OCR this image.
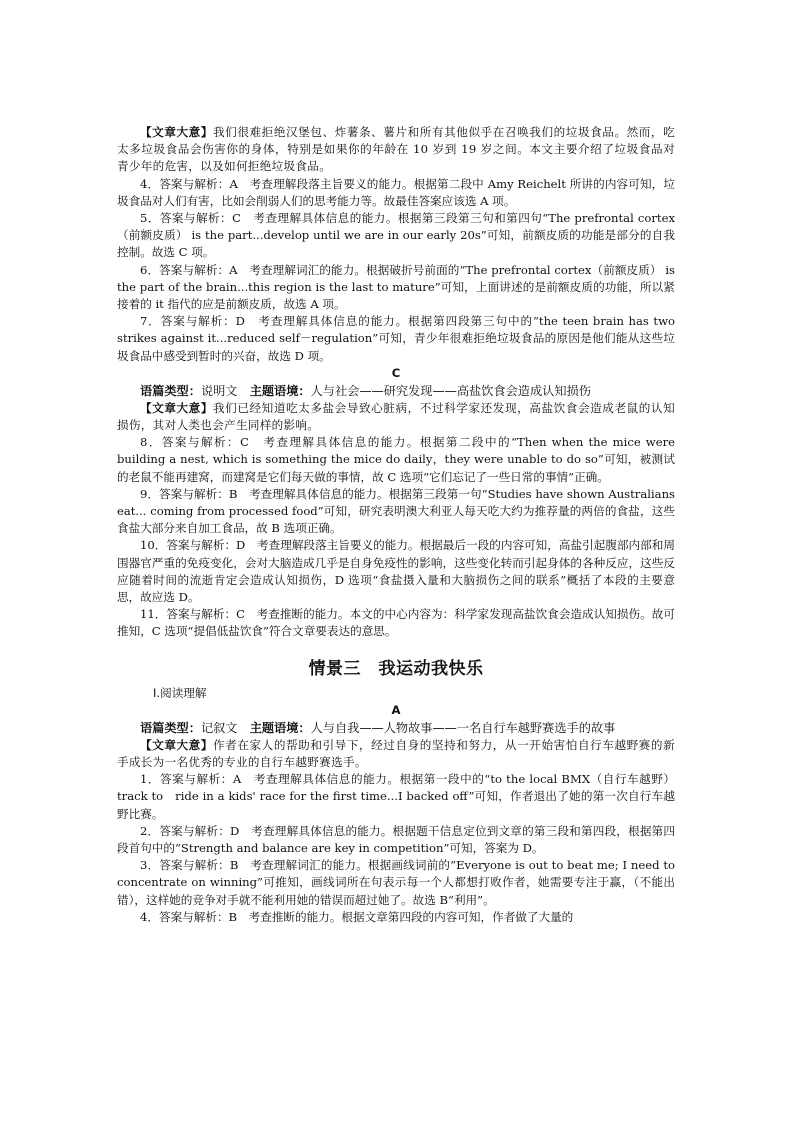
【文章大意】我们很难拒绝汉堡包、炸薯条、薯片和所有其他似乎在召唤我们的垃圾食品。然而，吃太多垃圾食品会伤害你的身体，特别是如果你的年龄在 10 岁到 19 岁之间。本文主要介绍了垃圾食品对青少年的危害，以及如何拒绝垃圾食品。

4．答案与解析：A　考查理解段落主旨要义的能力。根据第二段中 Amy Reichelt 所讲的内容可知，垃圾食品对人们有害，比如会削弱人们的思考能力等。故最佳答案应该选 A 项。

5．答案与解析：C　考查理解具体信息的能力。根据第三段第三句和第四句“The prefrontal cortex（前额皮质） is the part...develop until we are in our early 20s”可知，前额皮质的功能是部分的自我控制。故选 C 项。

6．答案与解析：A　考查理解词汇的能力。根据破折号前面的“The prefrontal cortex（前额皮质） is the part of the brain...this region is the last to mature”可知，上面讲述的是前额皮质的功能，所以紧接着的 it 指代的应是前额皮质，故选 A 项。

7．答案与解析：D　考查理解具体信息的能力。根据第四段第三句中的“the teen brain has two strikes against it...reduced self－regulation”可知，青少年很难拒绝垃圾食品的原因是他们能从这些垃圾食品中感受到暂时的兴奋，故选 D 项。

C

语篇类型：说明文　 主题语境：人与社会——研究发现——高盐饮食会造成认知损伤

【文章大意】我们已经知道吃太多盐会导致心脏病，不过科学家还发现，高盐饮食会造成老鼠的认知损伤，其对人类也会产生同样的影响。

8．答案与解析：C　考查理解具体信息的能力。根据第二段中的“Then when the mice were building a nest, which is something the mice do daily，they were unable to do so”可知，被测试的老鼠不能再建窝，而建窝是它们每天做的事情，故 C 选项“它们忘记了一些日常的事情”正确。

9．答案与解析：B　考查理解具体信息的能力。根据第三段第一句“Studies have shown Australians eat... coming from processed food”可知，研究表明澳大利亚人每天吃大约为推荐量的两倍的食盐，这些食盐大部分来自加工食品，故 B 选项正确。

10．答案与解析：D　考查理解段落主旨要义的能力。根据最后一段的内容可知，高盐引起腹部内部和周围器官严重的免疫变化，会对大脑造成几乎是自身免疫性的影响，这些变化转而引起身体的各种反应，这些反应随着时间的流逝肯定会造成认知损伤，D 选项“食盐摄入量和大脑损伤之间的联系”概括了本段的主要意思，故应选 D。

11．答案与解析：C　考查推断的能力。本文的中心内容为：科学家发现高盐饮食会造成认知损伤。故可推知，C 选项“提倡低盐饮食”符合文章要表达的意思。

情景三　我运动我快乐
Ⅰ.阅读理解
A

语篇类型：记叙文　 主题语境：人与自我——人物故事——一名自行车越野赛选手的故事

【文章大意】作者在家人的帮助和引导下，经过自身的坚持和努力，从一开始害怕自行车越野赛的新手成长为一名优秀的专业的自行车越野赛选手。

1．答案与解析：A　考查理解具体信息的能力。根据第一段中的“to the local BMX（自行车越野）track to　ride in a kids' race for the first time...I backed off”可知，作者退出了她的第一次自行车越野比赛。

2．答案与解析：D　考查理解具体信息的能力。根据题干信息定位到文章的第三段和第四段，根据第四段首句中的“Strength and balance are key in competition”可知，答案为 D。

3．答案与解析：B　考查理解词汇的能力。根据画线词前的“Everyone is out to beat me; I need to　concentrate on winning”可推知，画线词所在句表示每一个人都想打败作者，她需要专注于赢，（不能出错），这样她的竞争对手就不能利用她的错误而超过她了。故选 B“利用”。

4．答案与解析：B　考查推断的能力。根据文章第四段的内容可知，作者做了大量的
